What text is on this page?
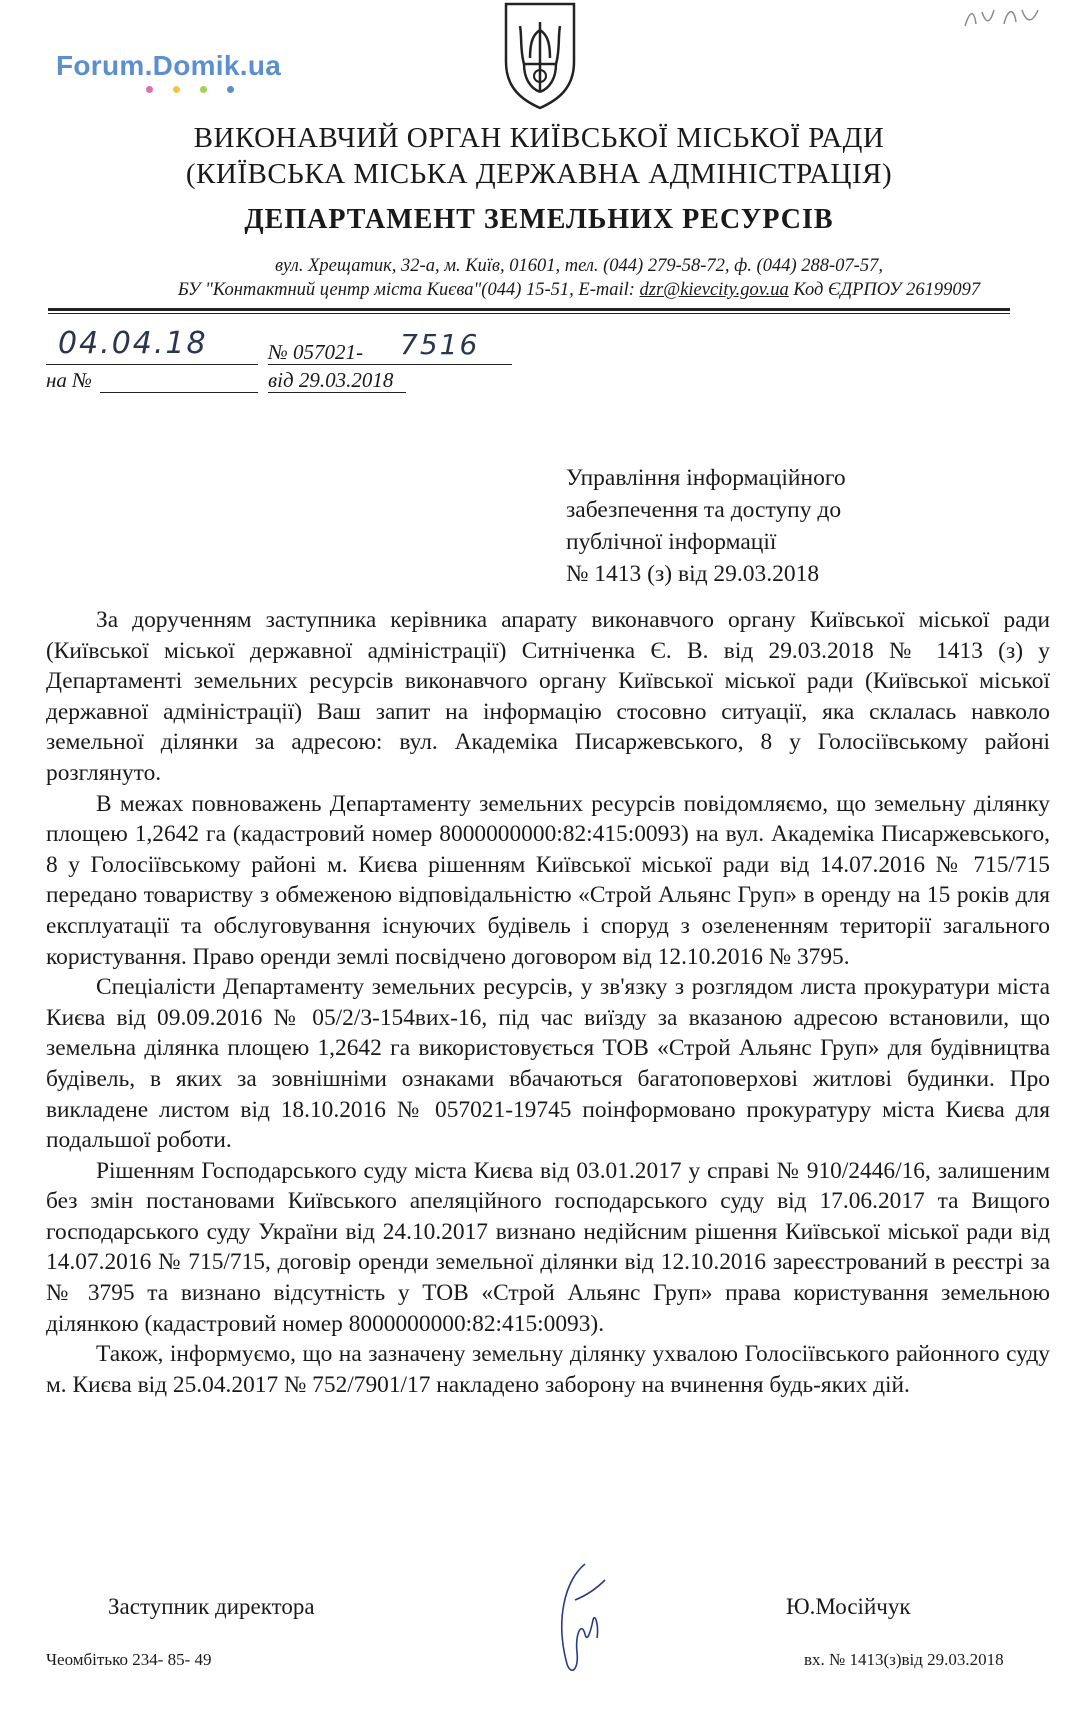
Forum.Domik.ua
ВИКОНАВЧИЙ ОРГАН КИЇВСЬКОЇ МІСЬКОЇ РАДИ
(КИЇВСЬКА МІСЬКА ДЕРЖАВНА АДМІНІСТРАЦІЯ)
ДЕПАРТАМЕНТ ЗЕМЕЛЬНИХ РЕСУРСІВ
вул. Хрещатик, 32-а, м. Київ, 01601, тел. (044) 279-58-72, ф. (044) 288-07-57,
БУ "Контактний центр міста Києва"(044) 15-51, E-mail: dzr@kievcity.gov.ua Код ЄДРПОУ 26199097
04.04.18	№ 057021- 7516
на №	від 29.03.2018
Управління інформаційного
забезпечення та доступу до
публічної інформації
№ 1413 (з) від 29.03.2018

За дорученням заступника керівника апарату виконавчого органу Київської міської ради (Київської міської державної адміністрації) Ситніченка Є. В. від 29.03.2018 № 1413 (з) у Департаменті земельних ресурсів виконавчого органу Київської міської ради (Київської міської державної адміністрації) Ваш запит на інформацію стосовно ситуації, яка склалась навколо земельної ділянки за адресою: вул. Академіка Писаржевського, 8 у Голосіївському районі розглянуто.

В межах повноважень Департаменту земельних ресурсів повідомляємо, що земельну ділянку площею 1,2642 га (кадастровий номер 8000000000:82:415:0093) на вул. Академіка Писаржевського, 8 у Голосіївському районі м. Києва рішенням Київської міської ради від 14.07.2016 № 715/715 передано товариству з обмеженою відповідальністю «Строй Альянс Груп» в оренду на 15 років для експлуатації та обслуговування існуючих будівель і споруд з озелененням території загального користування. Право оренди землі посвідчено договором від 12.10.2016 № 3795.

Спеціалісти Департаменту земельних ресурсів, у зв'язку з розглядом листа прокуратури міста Києва від 09.09.2016 № 05/2/3-154вих-16, під час виїзду за вказаною адресою встановили, що земельна ділянка площею 1,2642 га використовується ТОВ «Строй Альянс Груп» для будівництва будівель, в яких за зовнішніми ознаками вбачаються багатоповерхові житлові будинки. Про викладене листом від 18.10.2016 № 057021-19745 поінформовано прокуратуру міста Києва для подальшої роботи.

Рішенням Господарського суду міста Києва від 03.01.2017 у справі № 910/2446/16, залишеним без змін постановами Київського апеляційного господарського суду від 17.06.2017 та Вищого господарського суду України від 24.10.2017 визнано недійсним рішення Київської міської ради від 14.07.2016 № 715/715, договір оренди земельної ділянки від 12.10.2016 зареєстрований в реєстрі за № 3795 та визнано відсутність у ТОВ «Строй Альянс Груп» права користування земельною ділянкою (кадастровий номер 8000000000:82:415:0093).

Також, інформуємо, що на зазначену земельну ділянку ухвалою Голосіївського районного суду м. Києва від 25.04.2017 № 752/7901/17 накладено заборону на вчинення будь-яких дій.

Заступник директора	Ю.Мосійчук
Чеомбітько 234- 85- 49	вх. № 1413(з)від 29.03.2018
